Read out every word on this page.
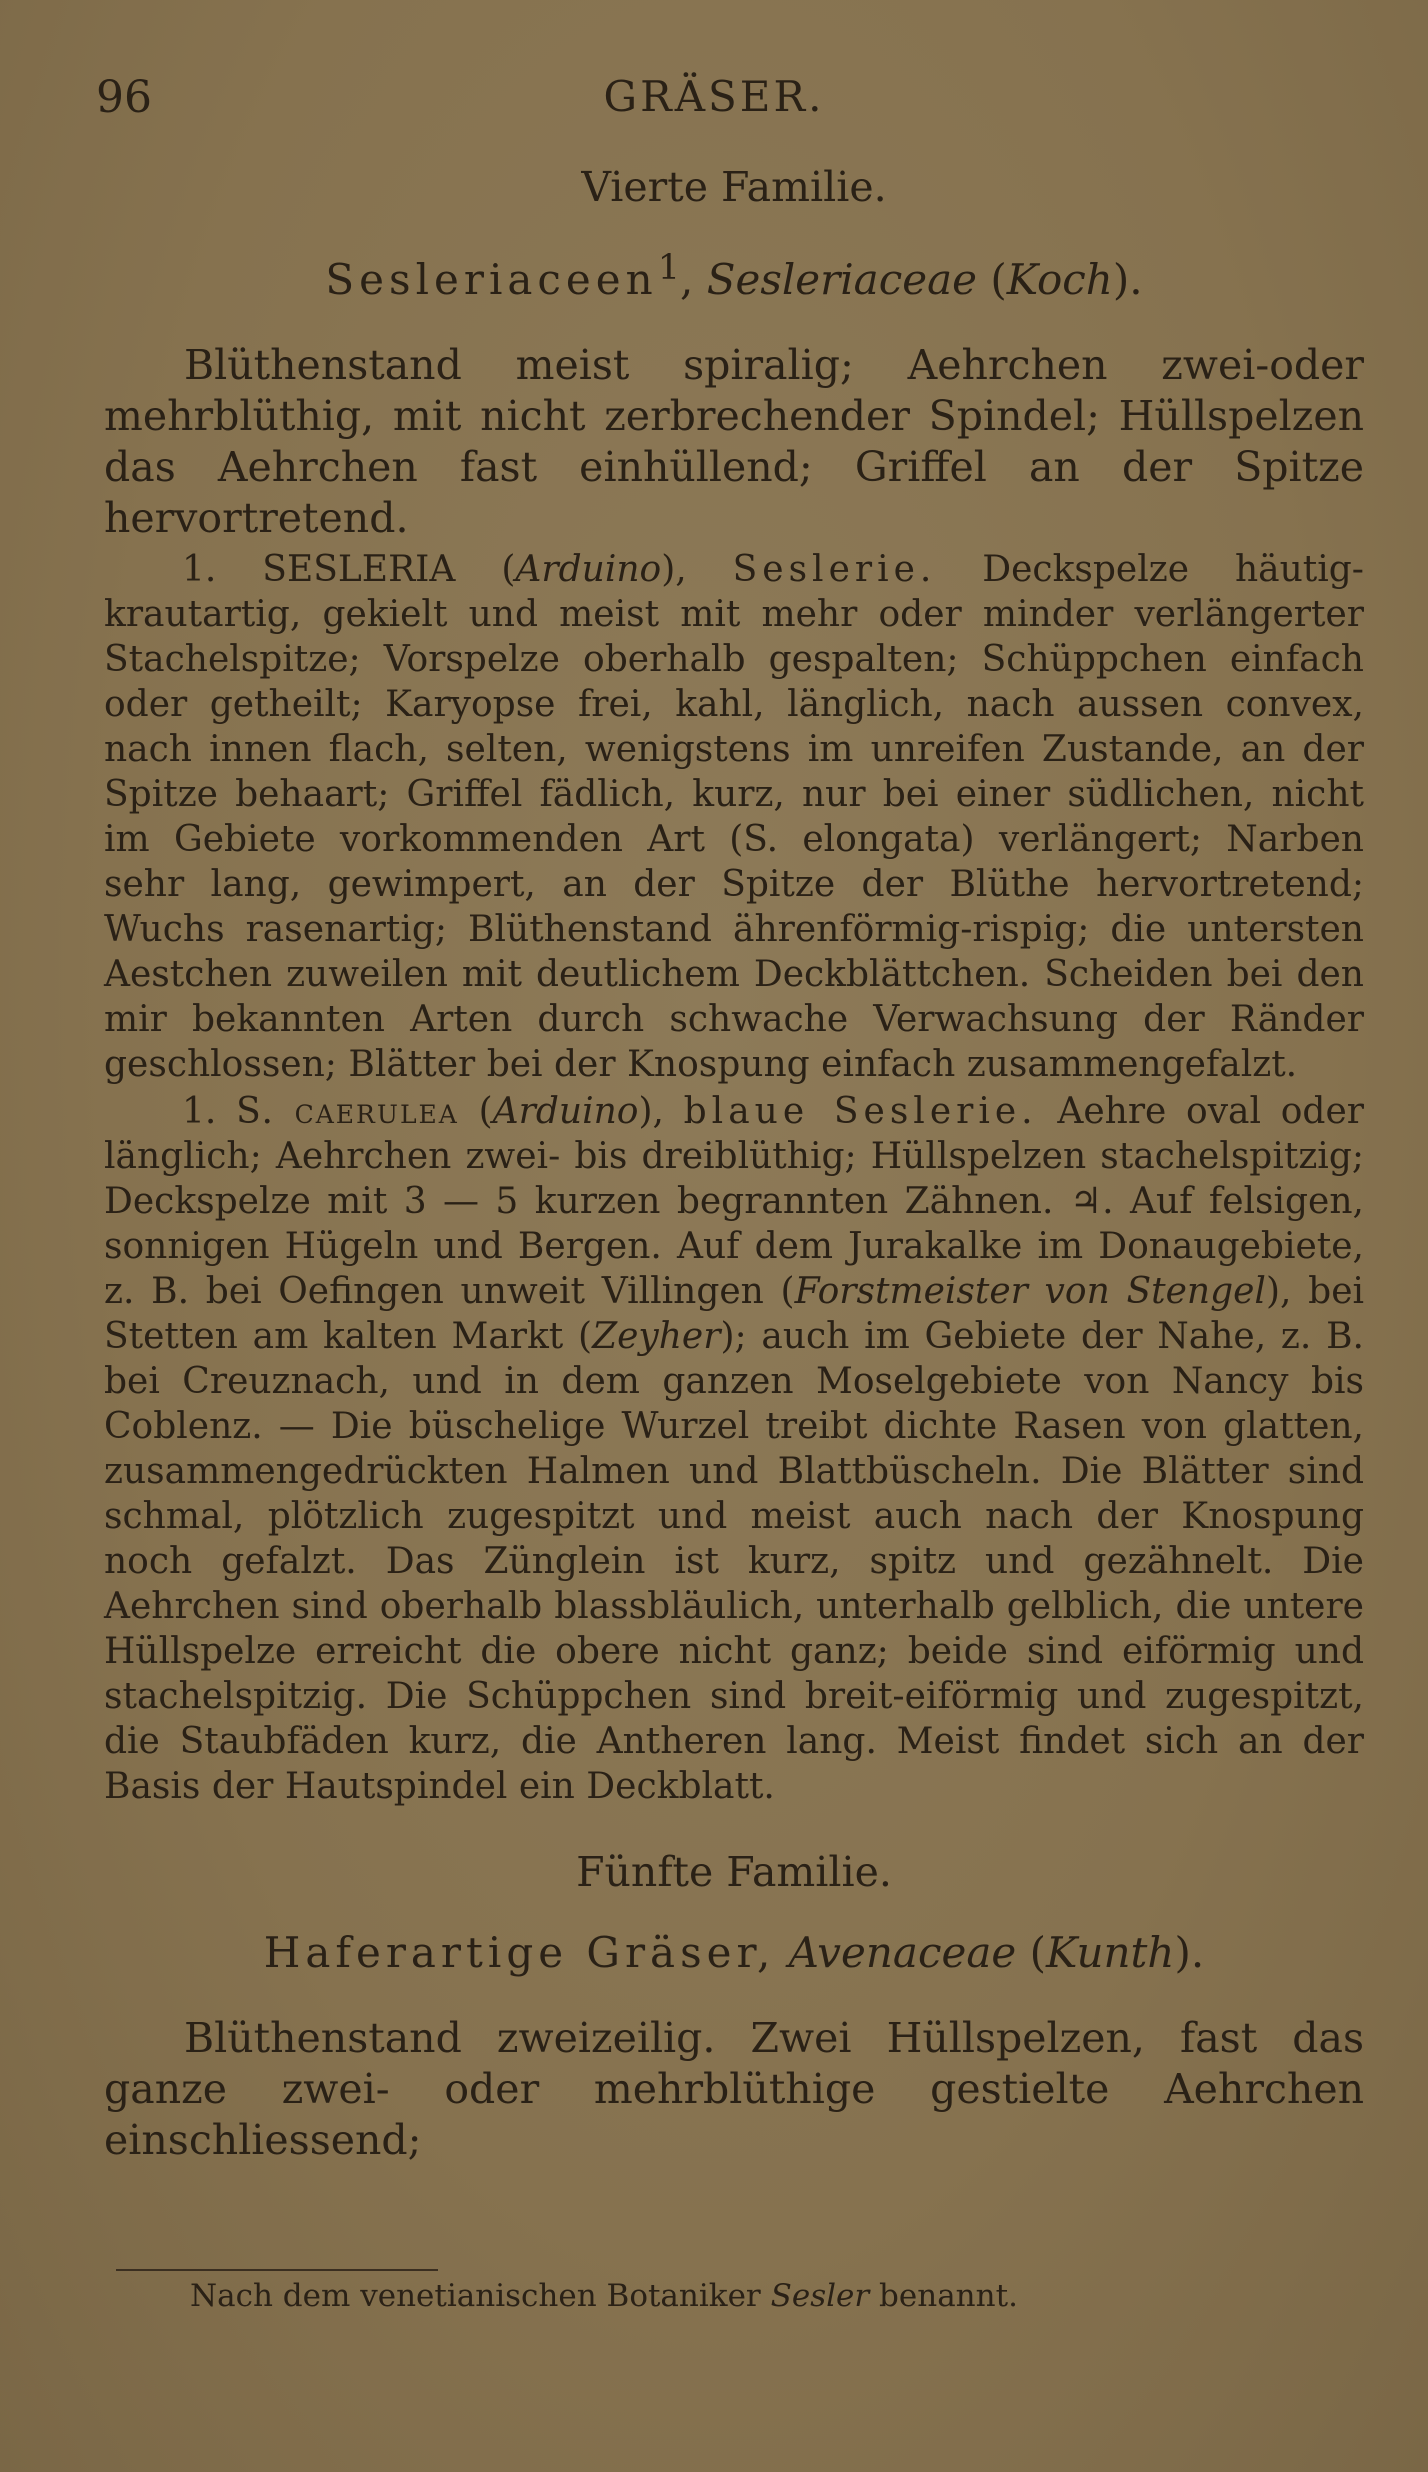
96	GRÄSER.
Vierte Familie.
Sesleriaceen$^1$, Sesleriaceae (Koch).

Blüthenstand meist spiralig; Aehrchen zwei-oder mehrblüthig, mit nicht zerbrechender Spindel; Hüllspelzen das Aehrchen fast einhüllend; Griffel an der Spitze hervortretend.

1. SESLERIA (Arduino), Seslerie. Deckspelze häutig-krautartig, gekielt und meist mit mehr oder minder verlängerter Stachelspitze; Vorspelze oberhalb gespalten; Schüppchen einfach oder getheilt; Karyopse frei, kahl, länglich, nach aussen convex, nach innen flach, selten, wenigstens im unreifen Zustande, an der Spitze behaart; Griffel fädlich, kurz, nur bei einer südlichen, nicht im Gebiete vorkommenden Art (S. elongata) verlängert; Narben sehr lang, gewimpert, an der Spitze der Blüthe hervortretend; Wuchs rasenartig; Blüthenstand ährenförmig-rispig; die untersten Aestchen zuweilen mit deutlichem Deckblättchen. Scheiden bei den mir bekannten Arten durch schwache Verwachsung der Ränder geschlossen; Blätter bei der Knospung einfach zusammengefalzt.

1. S. caerulea (Arduino), blaue Seslerie. Aehre oval oder länglich; Aehrchen zwei- bis dreiblüthig; Hüllspelzen stachelspitzig; Deckspelze mit 3 — 5 kurzen begrannten Zähnen. ♃. Auf felsigen, sonnigen Hügeln und Bergen. Auf dem Jurakalke im Donaugebiete, z. B. bei Oefingen unweit Villingen (Forstmeister von Stengel), bei Stetten am kalten Markt (Zeyher); auch im Gebiete der Nahe, z. B. bei Creuznach, und in dem ganzen Moselgebiete von Nancy bis Coblenz. — Die büschelige Wurzel treibt dichte Rasen von glatten, zusammengedrückten Halmen und Blattbüscheln. Die Blätter sind schmal, plötzlich zugespitzt und meist auch nach der Knospung noch gefalzt. Das Zünglein ist kurz, spitz und gezähnelt. Die Aehrchen sind oberhalb blassbläulich, unterhalb gelblich, die untere Hüllspelze erreicht die obere nicht ganz; beide sind eiförmig und stachelspitzig. Die Schüppchen sind breit-eiförmig und zugespitzt, die Staubfäden kurz, die Antheren lang. Meist findet sich an der Basis der Hautspindel ein Deckblatt.

Fünfte Familie.
Haferartige Gräser, Avenaceae (Kunth).

Blüthenstand zweizeilig. Zwei Hüllspelzen, fast das ganze zwei- oder mehrblüthige gestielte Aehrchen einschliessend;

Nach dem venetianischen Botaniker Sesler benannt.
